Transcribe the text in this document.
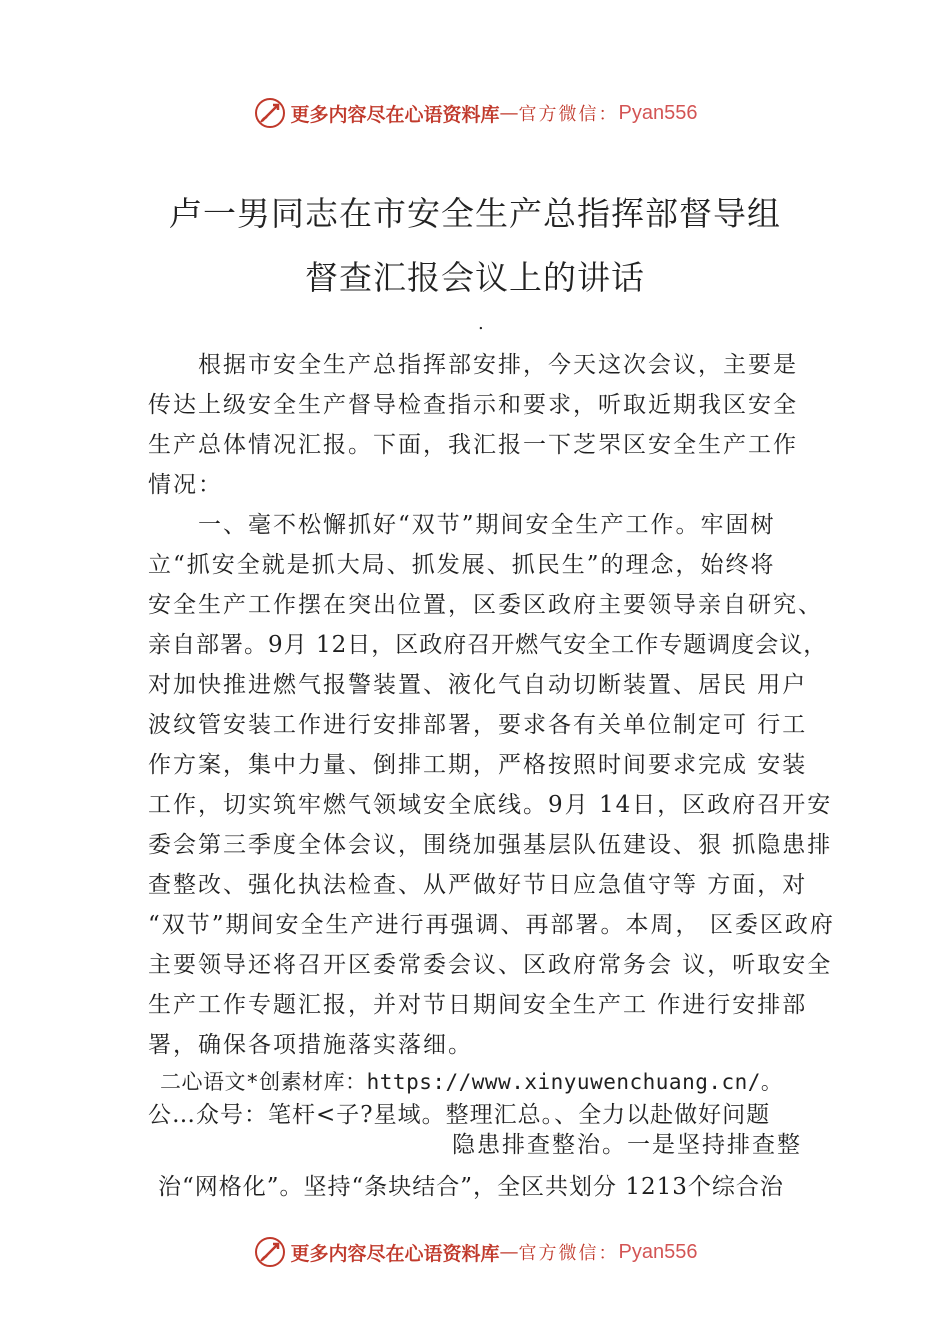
更多内容尽在心语资料库 — 官方微信： Pyan556
卢一男同志在市安全生产总指挥部督导组
督查汇报会议上的讲话
.
根据市安全生产总指挥部安排，今天这次会议，主要是
传达上级安全生产督导检查指示和要求，听取近期我区安全
生产总体情况汇报。下面，我汇报一下芝罘区安全生产工作
情况：
一、毫不松懈抓好“双节”期间安全生产工作。牢固树
立“抓安全就是抓大局、抓发展、抓民生”的理念，始终将
安全生产工作摆在突出位置，区委区政府主要领导亲自研究、
亲自部署。9月 12日，区政府召开燃气安全工作专题调度会议，
对加快推进燃气报警装置、液化气自动切断装置、居民 用户
波纹管安装工作进行安排部署，要求各有关单位制定可 行工
作方案，集中力量、倒排工期，严格按照时间要求完成 安装
工作，切实筑牢燃气领域安全底线。9月 14日，区政府召开安
委会第三季度全体会议，围绕加强基层队伍建设、狠 抓隐患排
查整改、强化执法检查、从严做好节日应急值守等 方面，对
“双节”期间安全生产进行再强调、再部署。本周， 区委区政府
主要领导还将召开区委常委会议、区政府常务会 议，听取安全
生产工作专题汇报，并对节日期间安全生产工 作进行安排部
署，确保各项措施落实落细。
二心语文*创素材库：https://www.xinyuwenchuang.cn/。
公…众号：笔杆<子?星域。整理汇总。、全力以赴做好问题
隐患排查整治。一是坚持排查整
治“网格化”。坚持“条块结合”，全区共划分 1213个综合治
更多内容尽在心语资料库 — 官方微信： Pyan556
